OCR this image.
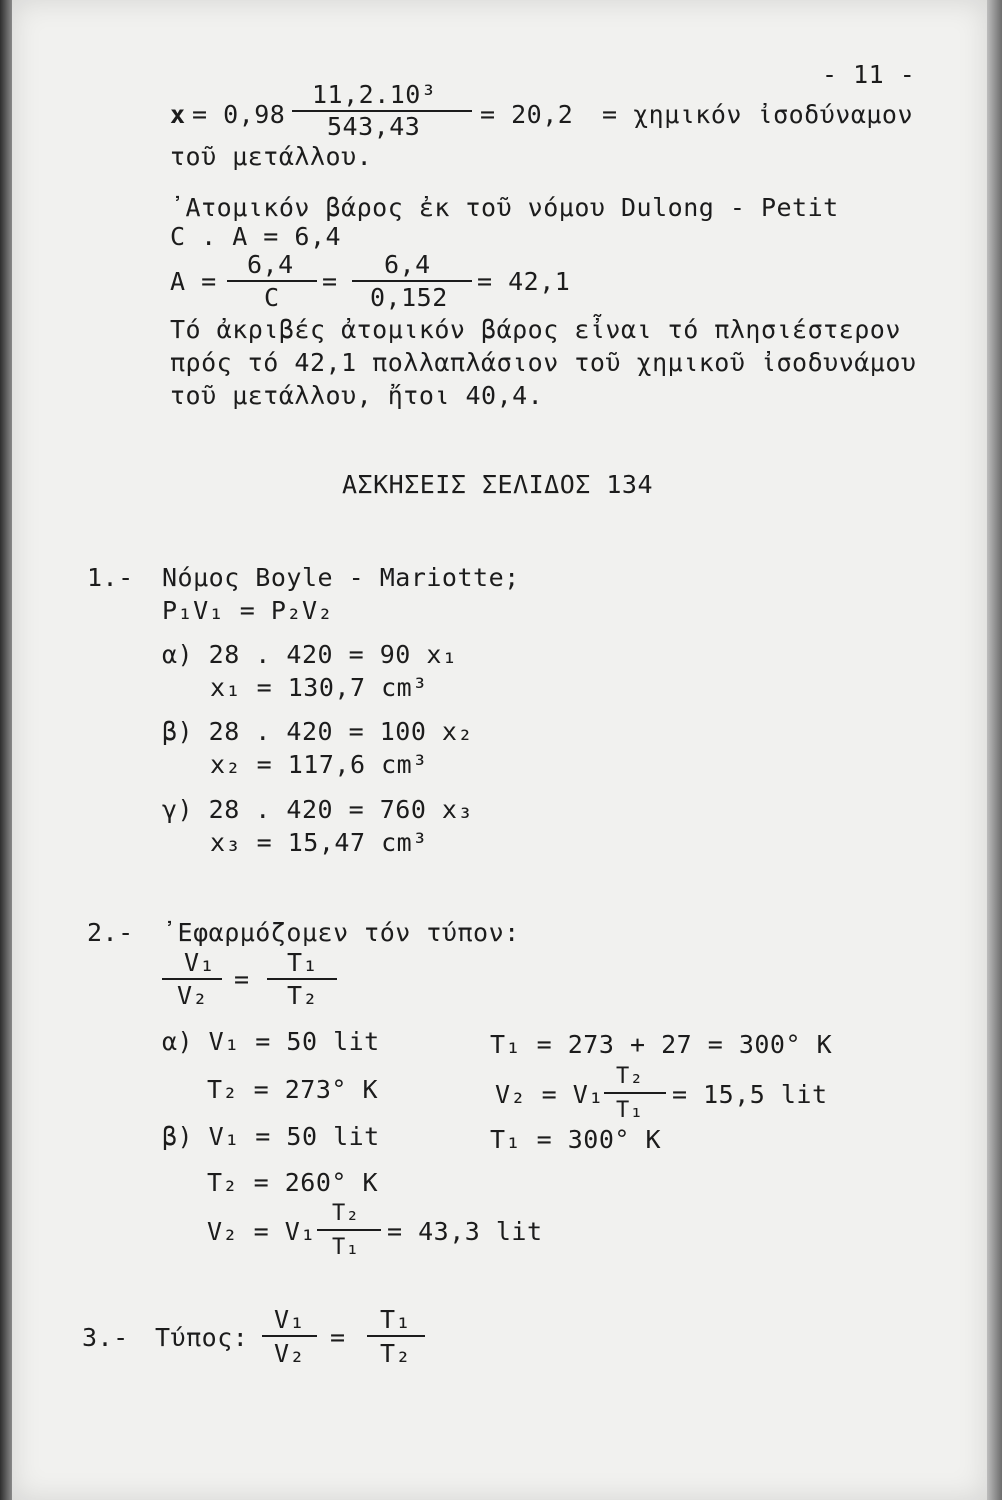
- 11 -
x = 0,98
11,2.10³
543,43 = 20,2 = χημικόν ἰσοδύναμον
τοῦ μετάλλου.
᾿Ατομικόν βάρος ἐκ τοῦ νόμου Dulong - Petit
C . A = 6,4
A =
6,4
C
=
6,4
0,152
= 42,1
Τό ἀκριβές ἀτομικόν βάρος εἶναι τό πλησιέστερον
πρός τό 42,1 πολλαπλάσιον τοῦ χημικοῦ ἰσοδυνάμου
τοῦ μετάλλου, ἤτοι 40,4.
ΑΣΚΗΣΕΙΣ ΣΕΛΙΔΟΣ 134
1.- Νόμος Boyle - Mariotte;
P₁V₁ = P₂V₂
α) 28 . 420 = 90 x₁
x₁ = 130,7 cm³
β) 28 . 420 = 100 x₂
x₂ = 117,6 cm³
γ) 28 . 420 = 760 x₃
x₃ = 15,47 cm³
2.- ᾿Εφαρμόζομεν τόν τύπον:
V₁
V₂
=
T₁
T₂
α) V₁ = 50 lit	T₁ = 273 + 27 = 300° K
T₂ = 273° K	V₂ = V₁
T₂
T₁
= 15,5 lit
β) V₁ = 50 lit	T₁ = 300° K
T₂ = 260° K
V₂ = V₁
T₂
T₁
= 43,3 lit
3.- Τύπος:
V₁
V₂
=
T₁
T₂
